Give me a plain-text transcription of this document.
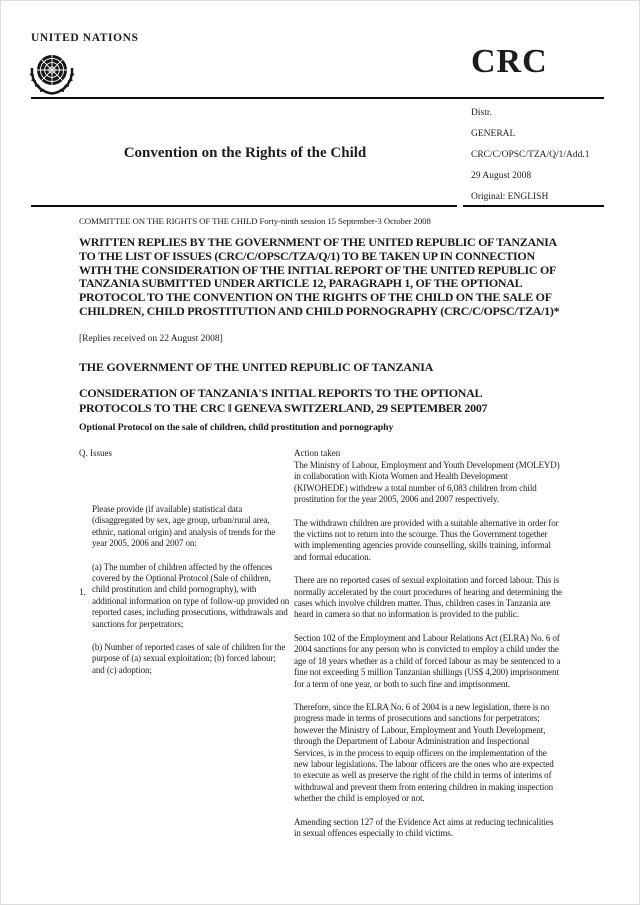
UNITED NATIONS
CRC
Convention on the Rights of the Child
Distr.
GENERAL
CRC/C/OPSC/TZA/Q/1/Add.1
29 August 2008
Original: ENGLISH
COMMITTEE ON THE RIGHTS OF THE CHILD Forty-ninth session 15 September-3 October 2008
WRITTEN REPLIES BY THE GOVERNMENT OF THE UNITED REPUBLIC OF TANZANIA TO THE LIST OF ISSUES (CRC/C/OPSC/TZA/Q/1) TO BE TAKEN UP IN CONNECTION WITH THE CONSIDERATION OF THE INITIAL REPORT OF THE UNITED REPUBLIC OF TANZANIA SUBMITTED UNDER ARTICLE 12, PARAGRAPH 1, OF THE OPTIONAL PROTOCOL TO THE CONVENTION ON THE RIGHTS OF THE CHILD ON THE SALE OF CHILDREN, CHILD PROSTITUTION AND CHILD PORNOGRAPHY (CRC/C/OPSC/TZA/1)*
[Replies received on 22 August 2008]
THE GOVERNMENT OF THE UNITED REPUBLIC OF TANZANIA
CONSIDERATION OF TANZANIA'S INITIAL REPORTS TO THE OPTIONAL PROTOCOLS TO THE CRC ‖ GENEVA SWITZERLAND, 29 SEPTEMBER 2007
Optional Protocol on the sale of children, child prostitution and pornography
Q. Issues	Action taken
1.

Please provide (if available) statistical data (disaggregated by sex, age group, urban/rural area, ethnic, national origin) and analysis of trends for the year 2005, 2006 and 2007 on:

(a) The number of children affected by the offences covered by the Optional Protocol (Sale of children, child prostitution and child pornography), with additional information on type of follow-up provided on reported cases, including prosecutions, withdrawals and sanctions for perpetrators;

(b) Number of reported cases of sale of children for the purpose of (a) sexual exploitation; (b) forced labour; and (c) adoption;

The Ministry of Labour, Employment and Youth Development (MOLEYD) in collaboration with Kiota Women and Health Development (KIWOHEDE) withdrew a total number of 6,083 children from child prostitution for the year 2005, 2006 and 2007 respectively.

The withdrawn children are provided with a suitable alternative in order for the victims not to return into the scourge. Thus the Government together with implementing agencies provide counselling, skills training, informal and formal education.

There are no reported cases of sexual exploitation and forced labour. This is normally accelerated by the court procedures of hearing and determining the cases which involve children matter. Thus, children cases in Tanzania are heard in camera so that no information is provided to the public.

Section 102 of the Employment and Labour Relations Act (ELRA) No. 6 of 2004 sanctions for any person who is convicted to employ a child under the age of 18 years whether as a child of forced labour as may be sentenced to a fine not exceeding 5 million Tanzanian shillings (US$ 4,200) imprisonment for a term of one year, or both to such fine and imprisonment.

Therefore, since the ELRA No. 6 of 2004 is a new legislation, there is no progress made in terms of prosecutions and sanctions for perpetrators; however the Ministry of Labour, Employment and Youth Development, through the Department of Labour Administration and Inspectional Services, is in the process to equip officers on the implementation of the new labour legislations. The labour officers are the ones who are expected to execute as well as preserve the right of the child in terms of interims of withdrawal and prevent them from entering children in making inspection whether the child is employed or not.

Amending section 127 of the Evidence Act aims at reducing technicalities in sexual offences especially to child victims.
